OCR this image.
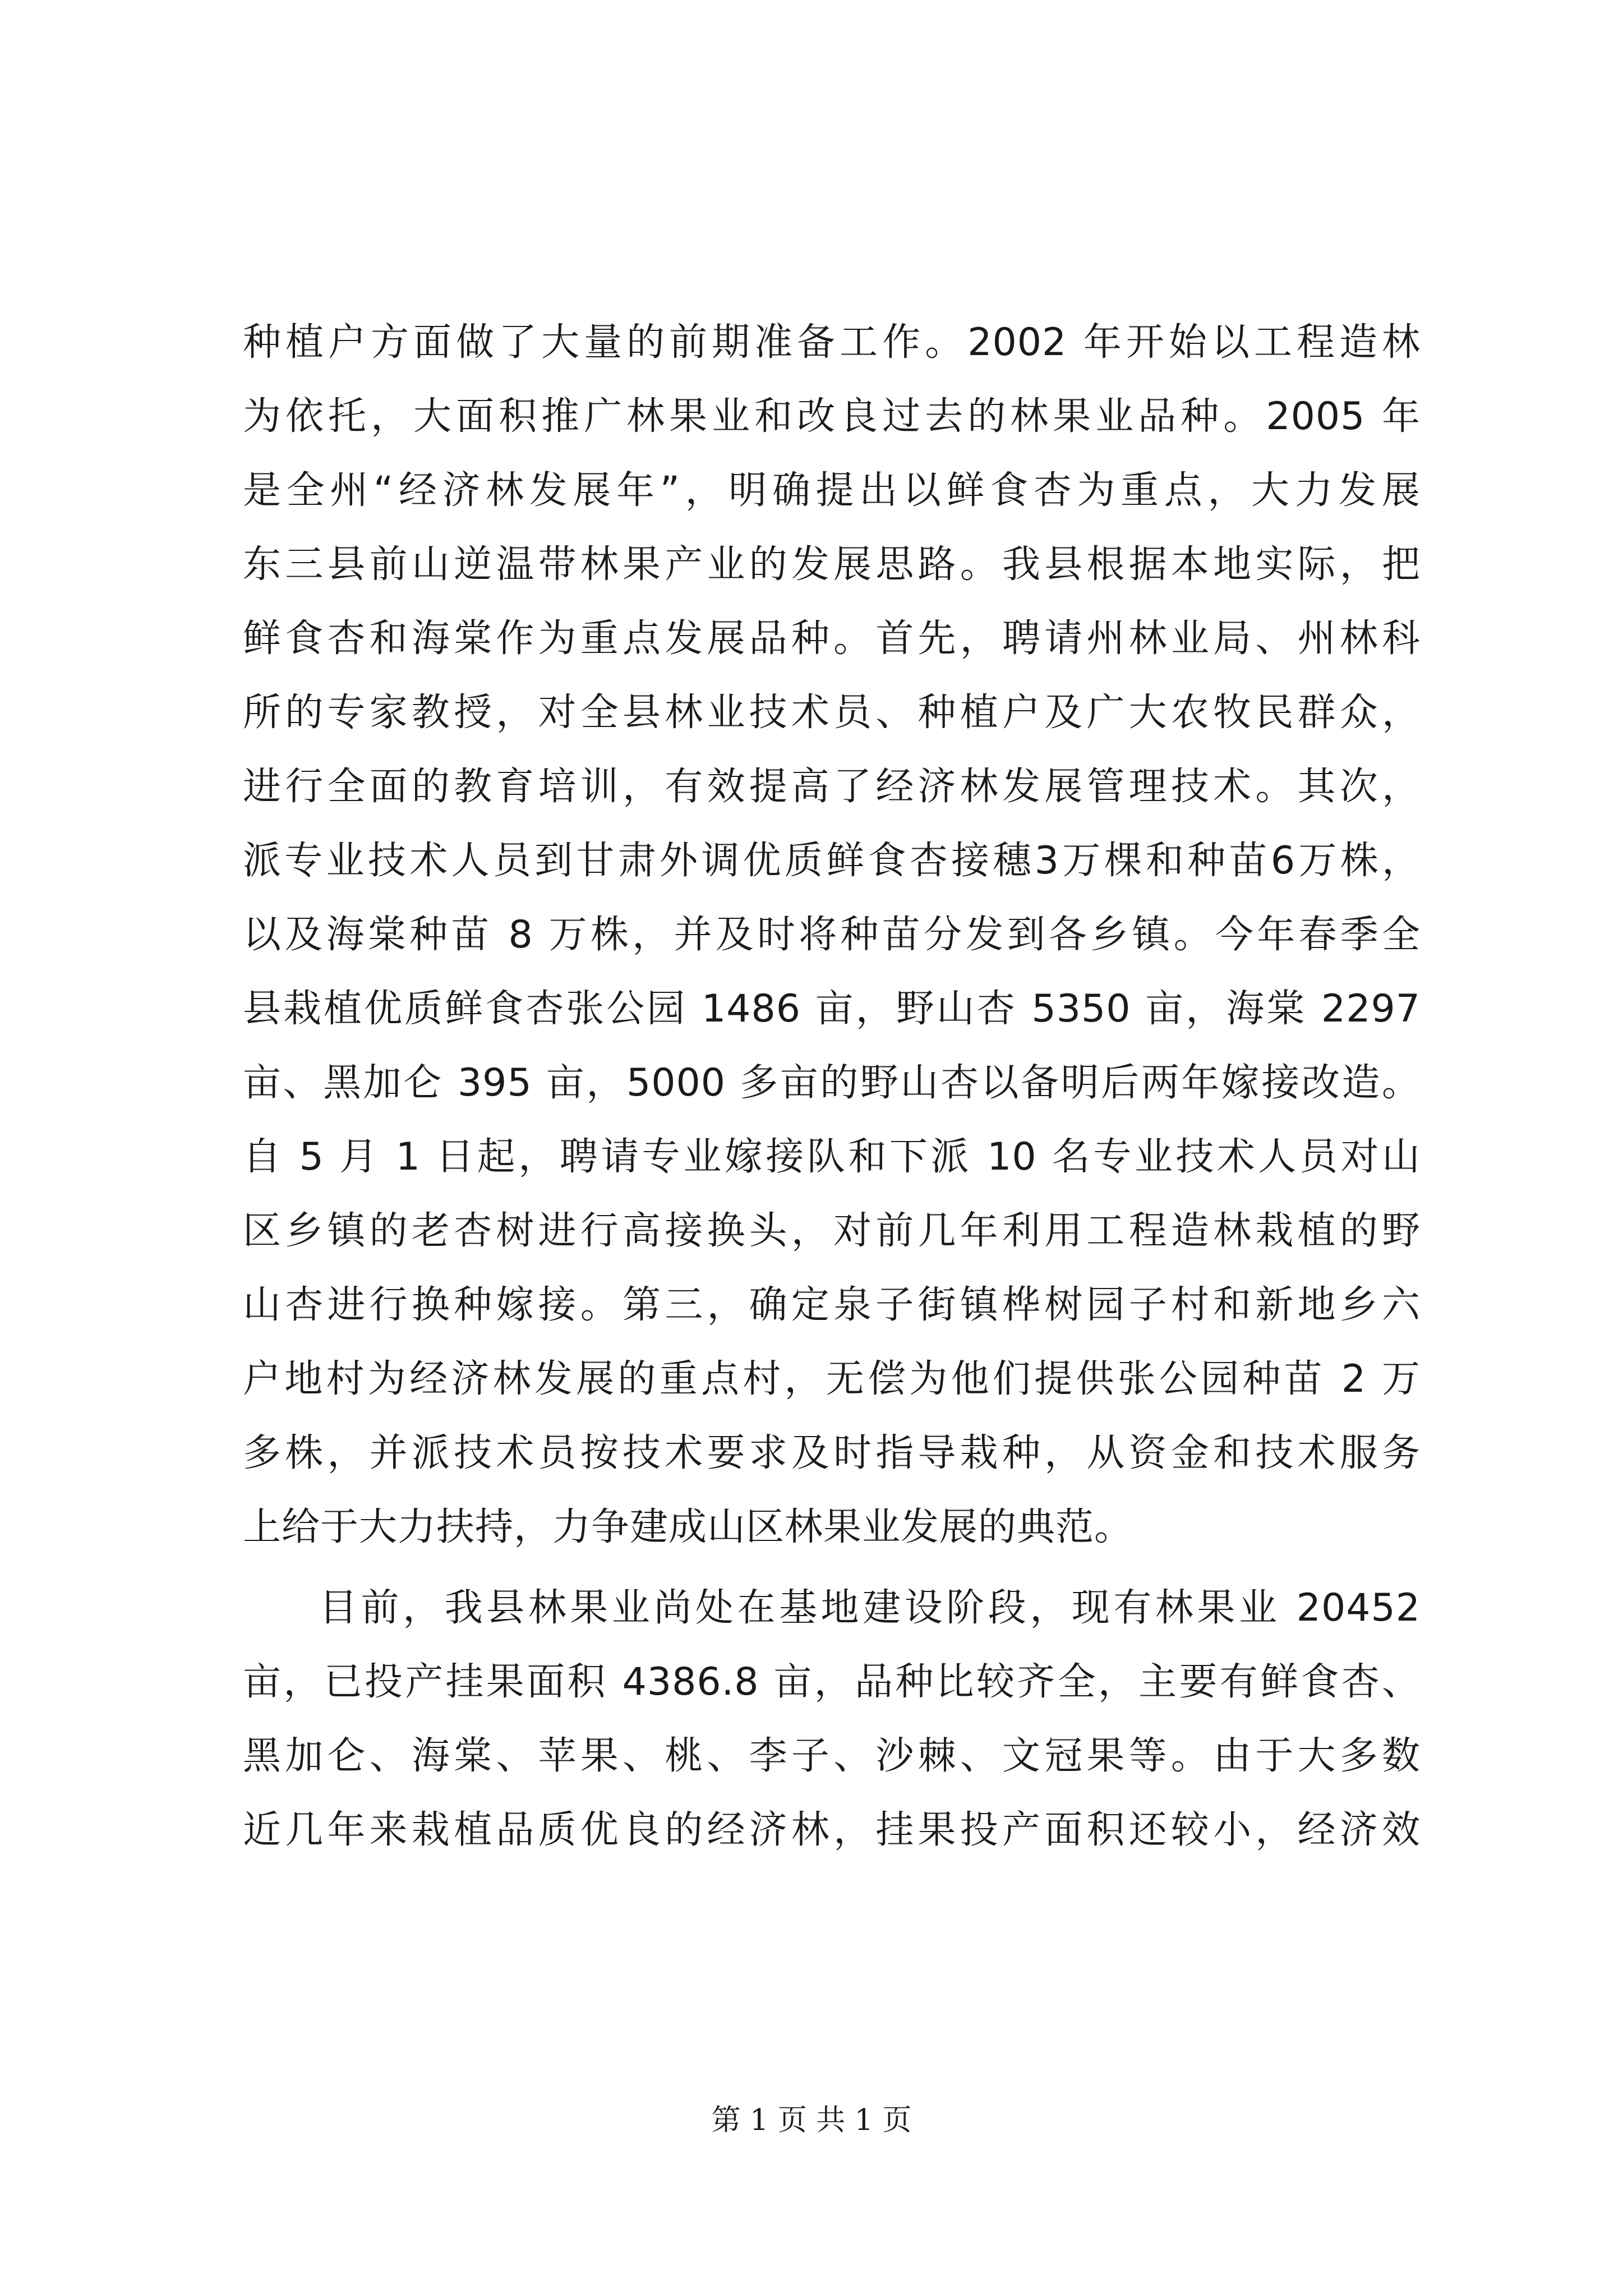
种植户方面做了大量的前期准备工作。2002 年开始以工程造林
为依托，大面积推广林果业和改良过去的林果业品种。2005 年
是全州“经济林发展年”，明确提出以鲜食杏为重点，大力发展
东三县前山逆温带林果产业的发展思路。我县根据本地实际，把
鲜食杏和海棠作为重点发展品种。首先，聘请州林业局、州林科
所的专家教授，对全县林业技术员、种植户及广大农牧民群众，
进行全面的教育培训，有效提高了经济林发展管理技术。其次，
派专业技术人员到甘肃外调优质鲜食杏接穗3万棵和种苗6万株，
以及海棠种苗 8 万株，并及时将种苗分发到各乡镇。今年春季全
县栽植优质鲜食杏张公园 1486 亩，野山杏 5350 亩，海棠 2297
亩、黑加仑 395 亩，5000 多亩的野山杏以备明后两年嫁接改造。
自 5 月 1 日起，聘请专业嫁接队和下派 10 名专业技术人员对山
区乡镇的老杏树进行高接换头，对前几年利用工程造林栽植的野
山杏进行换种嫁接。第三，确定泉子街镇桦树园子村和新地乡六
户地村为经济林发展的重点村，无偿为他们提供张公园种苗 2 万
多株，并派技术员按技术要求及时指导栽种，从资金和技术服务
上给于大力扶持，力争建成山区林果业发展的典范。
目前，我县林果业尚处在基地建设阶段，现有林果业 20452
亩，已投产挂果面积 4386.8 亩，品种比较齐全，主要有鲜食杏、
黑加仑、海棠、苹果、桃、李子、沙棘、文冠果等。由于大多数
近几年来栽植品质优良的经济林，挂果投产面积还较小，经济效
第 1 页 共 1 页
